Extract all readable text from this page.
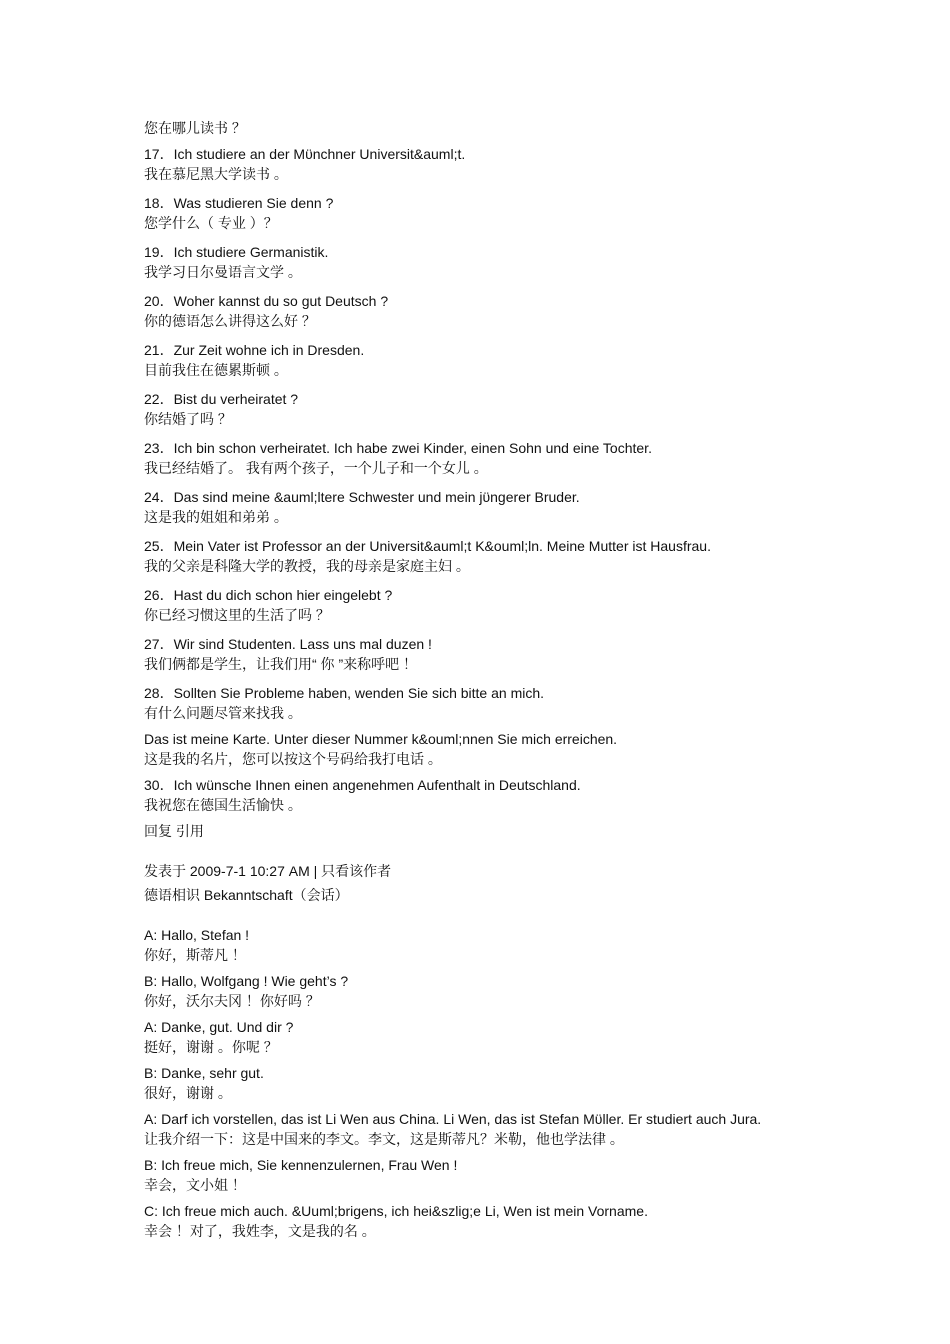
您在哪儿读书 ？
17．Ich studiere an der Mϋnchner Universit&auml;t.
我在慕尼黑大学读书 。
18．Was studieren Sie denn ?
您学什么（ 专业 ）？
19．Ich studiere Germanistik.
我学习日尔曼语言文学 。
20．Woher kannst du so gut Deutsch ?
你的德语怎么讲得这么好 ？
21．Zur Zeit wohne ich in Dresden.
目前我住在德累斯顿 。
22．Bist du verheiratet ?
你结婚了吗 ？
23．Ich bin schon verheiratet. Ich habe zwei Kinder, einen Sohn und eine Tochter.
我已经结婚了。 我有两个孩子，一个儿子和一个女儿 。
24．Das sind meine &auml;ltere Schwester und mein jϋngerer Bruder.
这是我的姐姐和弟弟 。
25．Mein Vater ist Professor an der Universit&auml;t K&ouml;ln. Meine Mutter ist Hausfrau.
我的父亲是科隆大学的教授，我的母亲是家庭主妇 。
26．Hast du dich schon hier eingelebt ?
你已经习惯这里的生活了吗 ？
27．Wir sind Studenten. Lass uns mal duzen !
我们俩都是学生，让我们用“ 你 ”来称呼吧 ！
28．Sollten Sie Probleme haben, wenden Sie sich bitte an mich.
有什么问题尽管来找我 。
Das ist meine Karte. Unter dieser Nummer k&ouml;nnen Sie mich erreichen.
这是我的名片，您可以按这个号码给我打电话 。
30．Ich wünsche Ihnen einen angenehmen Aufenthalt in Deutschland.
我祝您在德国生活愉快 。
回复 引用
发表于 2009-7-1 10:27 AM | 只看该作者
德语相识 Bekanntschaft（会话）
A: Hallo, Stefan !
你好，斯蒂凡 ！
B: Hallo, Wolfgang ! Wie geht’s ?
你好，沃尔夫冈 ！你好吗 ？
A: Danke, gut. Und dir ?
挺好，谢谢 。你呢 ？
B: Danke, sehr gut.
很好，谢谢 。
A: Darf ich vorstellen, das ist Li Wen aus China. Li Wen, das ist Stefan Mϋller. Er studiert auch Jura.
让我介绍一下：这是中国来的李文。李文，这是斯蒂凡？米勒，他也学法律 。
B: Ich freue mich, Sie kennenzulernen, Frau Wen !
幸会，文小姐 ！
C: Ich freue mich auch. &Uuml;brigens, ich hei&szlig;e Li, Wen ist mein Vorname.
幸会 ！对了，我姓李，文是我的名 。
